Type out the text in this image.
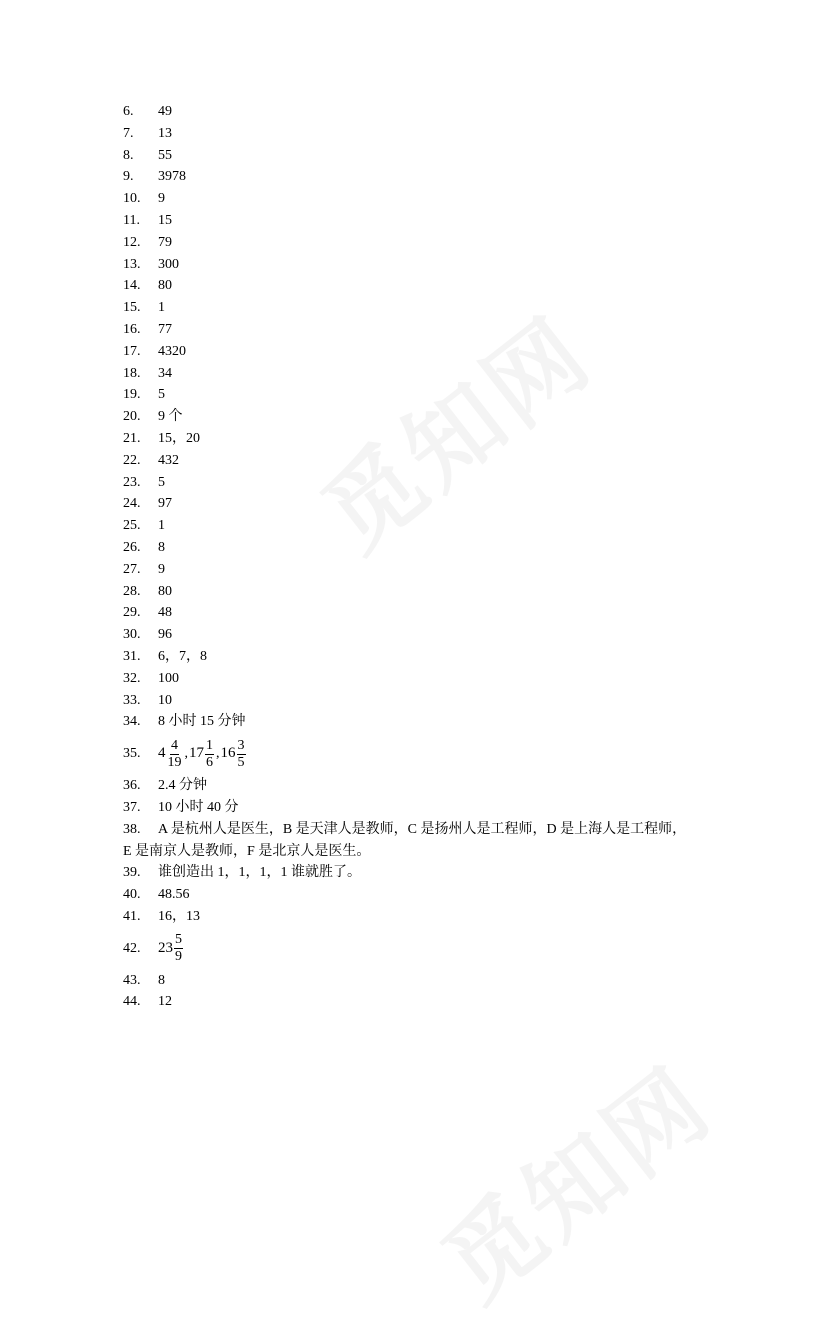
6.	49
7.	13
8.	55
9.	3978
10.	9
11.	15
12.	79
13.	300
14.	80
15.	1
16.	77
17.	4320
18.	34
19.	5
20.	9 个
21.	15，20
22.	432
23.	5
24.	97
25.	1
26.	8
27.	9
28.	80
29.	48
30.	96
31.	6，7，8
32.	100
33.	10
34.	8 小时 15 分钟
35.	$4 \frac{4}{19}$ , $17 \frac{1}{6}$ , $16 \frac{3}{5}$
36.	2.4 分钟
37.	10 小时 40 分
38.	A 是杭州人是医生，B 是天津人是教师，C 是扬州人是工程师，D 是上海人是工程师，
E 是南京人是教师，F 是北京人是医生。
39.	谁创造出 1，1，1，1 谁就胜了。
40.	48.56
41.	16，13
42.	$23 \frac{5}{9}$
43.	8
44.	12
